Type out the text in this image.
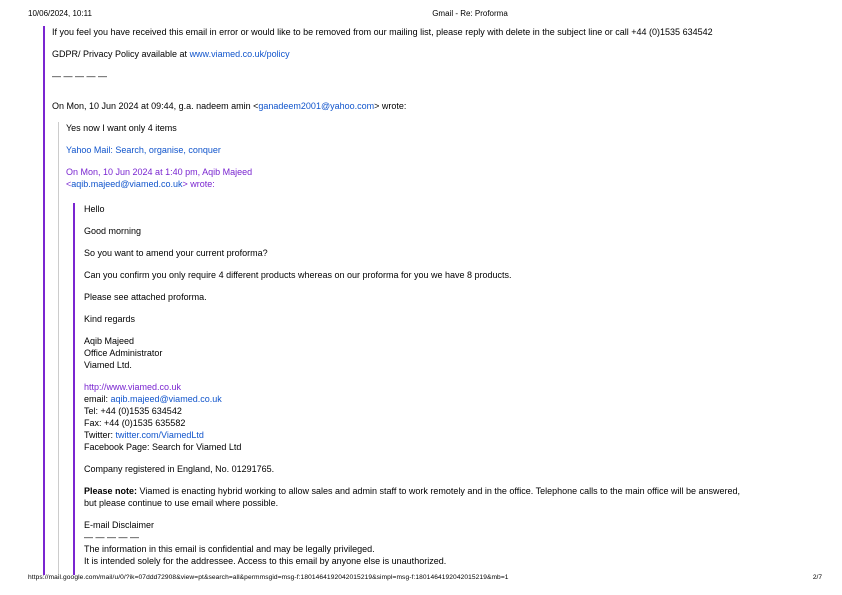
10/06/2024, 10:11	Gmail - Re: Proforma

If you feel you have received this email in error or would like to be removed from our mailing list, please reply with delete in the subject line or call +44 (0)1535 634542

GDPR/ Privacy Policy available at www.viamed.co.uk/policy

— — — — —

On Mon, 10 Jun 2024 at 09:44, g.a. nadeem amin <ganadeem2001@yahoo.com> wrote:

Yes now I want only 4 items

Yahoo Mail: Search, organise, conquer

On Mon, 10 Jun 2024 at 1:40 pm, Aqib Majeed
<aqib.majeed@viamed.co.uk> wrote:

Hello

Good morning

So you want to amend your current proforma?

Can you confirm you only require 4 different products whereas on our proforma for you we have 8 products.

Please see attached proforma.

Kind regards

Aqib Majeed
Office Administrator
Viamed Ltd.

http://www.viamed.co.uk
email: aqib.majeed@viamed.co.uk
Tel: +44 (0)1535 634542
Fax: +44 (0)1535 635582
Twitter: twitter.com/ViamedLtd
Facebook Page: Search for Viamed Ltd

Company registered in England, No. 01291765.

Please note: Viamed is enacting hybrid working to allow sales and admin staff to work remotely and in the office. Telephone calls to the main office will be answered,
but please continue to use email where possible.

E-mail Disclaimer
— — — — —
The information in this email is confidential and may be legally privileged.
It is intended solely for the addressee. Access to this email by anyone else is unauthorized.

https://mail.google.com/mail/u/0/?ik=07ddd72908&view=pt&search=all&permmsgid=msg-f:1801464192042015219&simpl=msg-f:1801464192042015219&mb=1	2/7
